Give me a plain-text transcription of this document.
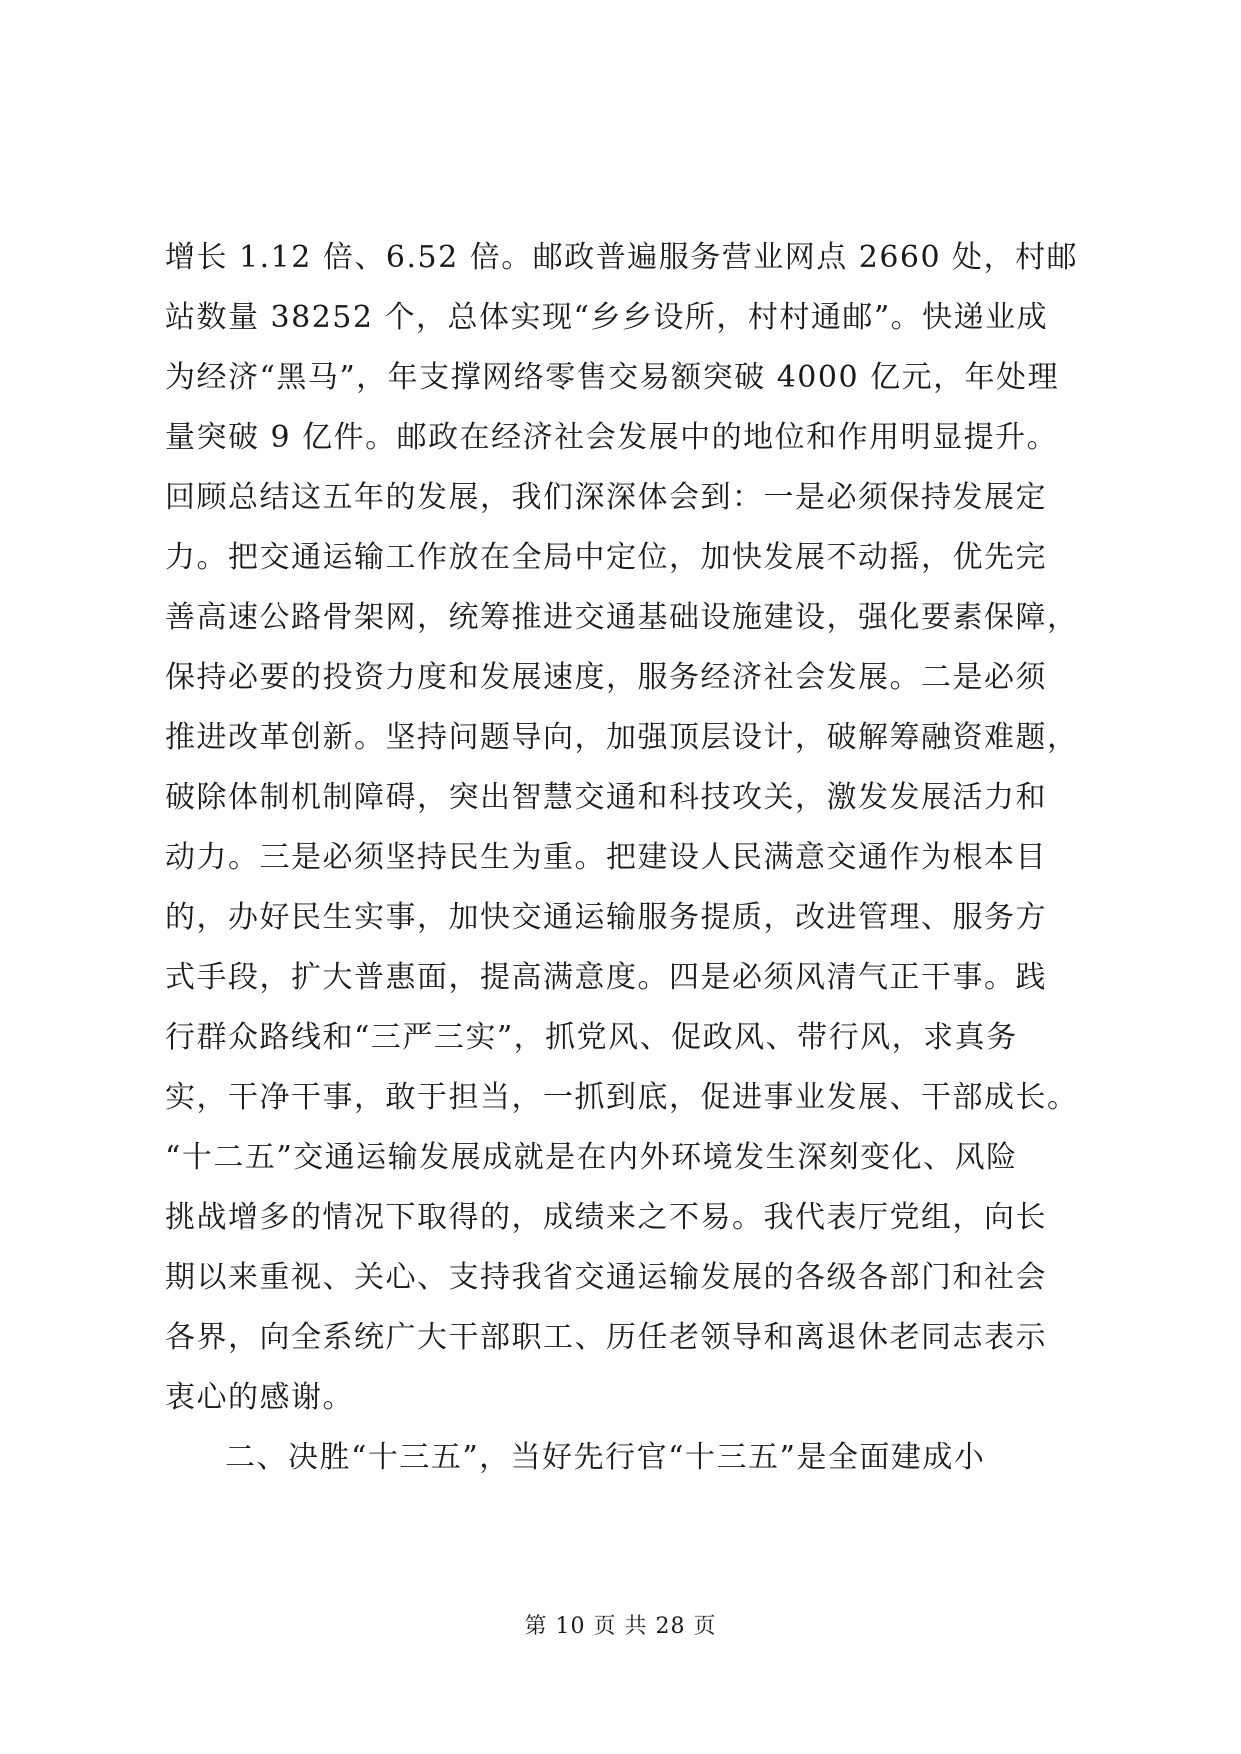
增长 1.12 倍、6.52 倍。邮政普遍服务营业网点 2660 处，村邮
站数量 38252 个，总体实现“乡乡设所，村村通邮”。快递业成
为经济“黑马”，年支撑网络零售交易额突破 4000 亿元，年处理
量突破 9 亿件。邮政在经济社会发展中的地位和作用明显提升。
回顾总结这五年的发展，我们深深体会到：一是必须保持发展定
力。把交通运输工作放在全局中定位，加快发展不动摇，优先完
善高速公路骨架网，统筹推进交通基础设施建设，强化要素保障，
保持必要的投资力度和发展速度，服务经济社会发展。二是必须
推进改革创新。坚持问题导向，加强顶层设计，破解筹融资难题，
破除体制机制障碍，突出智慧交通和科技攻关，激发发展活力和
动力。三是必须坚持民生为重。把建设人民满意交通作为根本目
的，办好民生实事，加快交通运输服务提质，改进管理、服务方
式手段，扩大普惠面，提高满意度。四是必须风清气正干事。践
行群众路线和“三严三实”，抓党风、促政风、带行风，求真务
实，干净干事，敢于担当，一抓到底，促进事业发展、干部成长。
“十二五”交通运输发展成就是在内外环境发生深刻变化、风险
挑战增多的情况下取得的，成绩来之不易。我代表厅党组，向长
期以来重视、关心、支持我省交通运输发展的各级各部门和社会
各界，向全系统广大干部职工、历任老领导和离退休老同志表示
衷心的感谢。
二、决胜“十三五”，当好先行官“十三五”是全面建成小
第 10 页 共 28 页
